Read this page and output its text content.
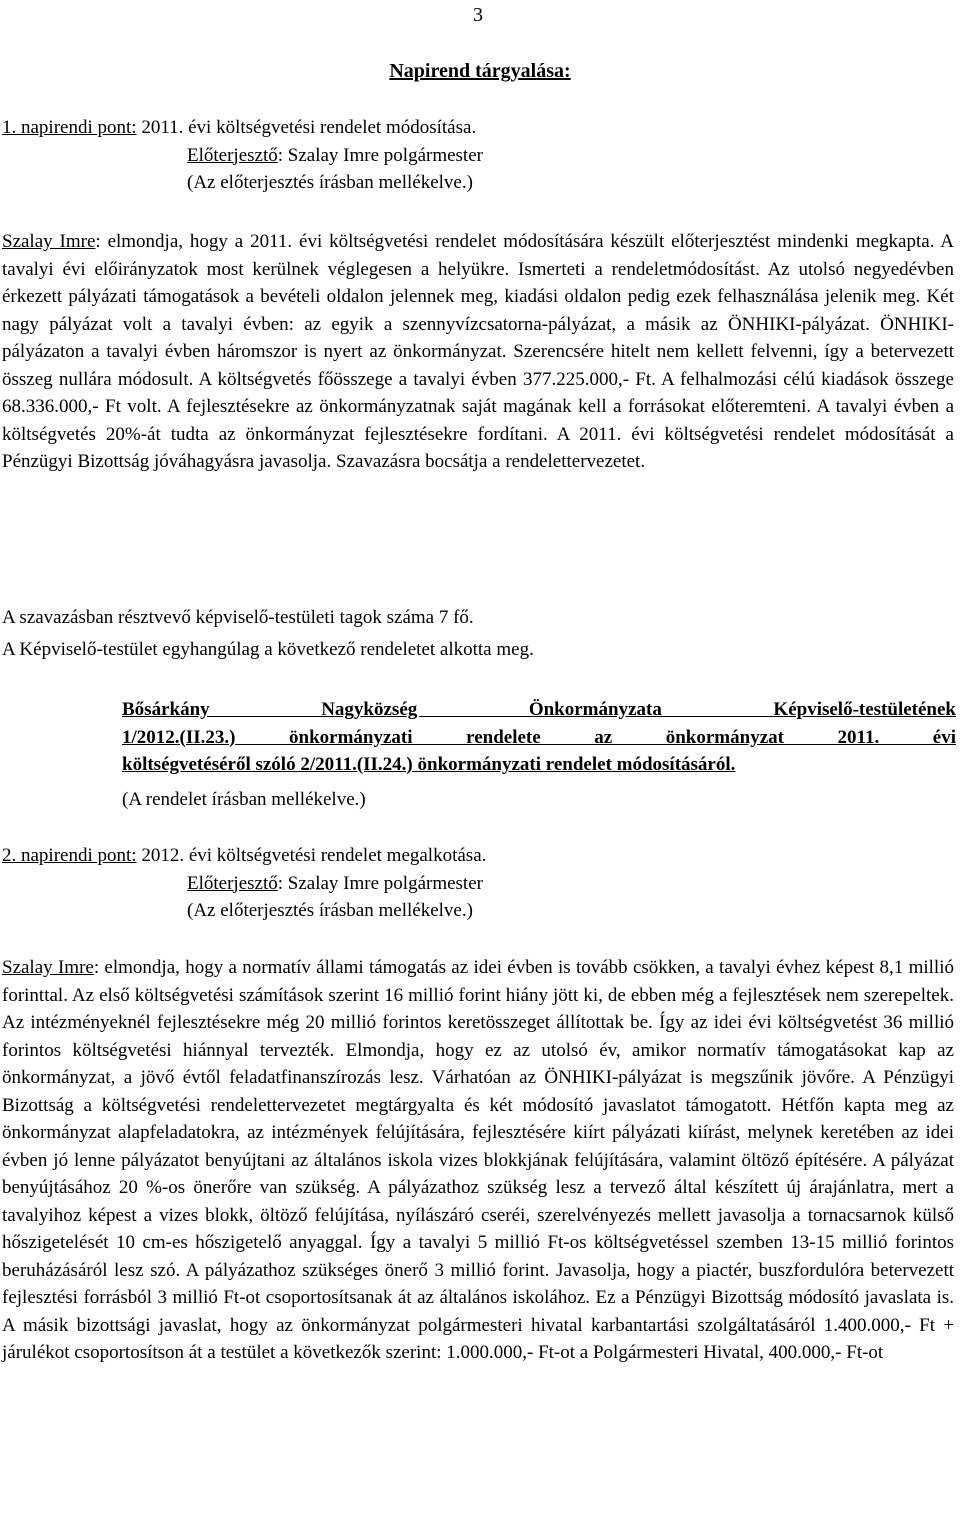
3
Napirend tárgyalása:
1. napirendi pont: 2011. évi költségvetési rendelet módosítása.
Előterjesztő: Szalay Imre polgármester
(Az előterjesztés írásban mellékelve.)
Szalay Imre: elmondja, hogy a 2011. évi költségvetési rendelet módosítására készült előterjesztést mindenki megkapta. A tavalyi évi előirányzatok most kerülnek véglegesen a helyükre. Ismerteti a rendeletmódosítást. Az utolsó negyedévben érkezett pályázati támogatások a bevételi oldalon jelennek meg, kiadási oldalon pedig ezek felhasználása jelenik meg. Két nagy pályázat volt a tavalyi évben: az egyik a szennyvízcsatorna-pályázat, a másik az ÖNHIKI-pályázat. ÖNHIKI-pályázaton a tavalyi évben háromszor is nyert az önkormányzat. Szerencsére hitelt nem kellett felvenni, így a betervezett összeg nullára módosult. A költségvetés főösszege a tavalyi évben 377.225.000,- Ft. A felhalmozási célú kiadások összege 68.336.000,- Ft volt. A fejlesztésekre az önkormányzatnak saját magának kell a forrásokat előteremteni. A tavalyi évben a költségvetés 20%-át tudta az önkormányzat fejlesztésekre fordítani. A 2011. évi költségvetési rendelet módosítását a Pénzügyi Bizottság jóváhagyásra javasolja. Szavazásra bocsátja a rendelettervezetet.
A szavazásban résztvevő képviselő-testületi tagok száma 7 fő.
A Képviselő-testület egyhangúlag a következő rendeletet alkotta meg.
Bősárkány Nagyközség Önkormányzata Képviselő-testületének
1/2012.(II.23.) önkormányzati rendelete az önkormányzat 2011. évi
költségvetéséről szóló 2/2011.(II.24.) önkormányzati rendelet módosításáról.
(A rendelet írásban mellékelve.)
2. napirendi pont: 2012. évi költségvetési rendelet megalkotása.
Előterjesztő: Szalay Imre polgármester
(Az előterjesztés írásban mellékelve.)
Szalay Imre: elmondja, hogy a normatív állami támogatás az idei évben is tovább csökken, a tavalyi évhez képest 8,1 millió forinttal. Az első költségvetési számítások szerint 16 millió forint hiány jött ki, de ebben még a fejlesztések nem szerepeltek. Az intézményeknél fejlesztésekre még 20 millió forintos keretösszeget állítottak be. Így az idei évi költségvetést 36 millió forintos költségvetési hiánnyal tervezték. Elmondja, hogy ez az utolsó év, amikor normatív támogatásokat kap az önkormányzat, a jövő évtől feladatfinanszírozás lesz. Várhatóan az ÖNHIKI-pályázat is megszűnik jövőre. A Pénzügyi Bizottság a költségvetési rendelettervezetet megtárgyalta és két módosító javaslatot támogatott. Hétfőn kapta meg az önkormányzat alapfeladatokra, az intézmények felújítására, fejlesztésére kiírt pályázati kiírást, melynek keretében az idei évben jó lenne pályázatot benyújtani az általános iskola vizes blokkjának felújítására, valamint öltöző építésére. A pályázat benyújtásához 20 %-os önerőre van szükség. A pályázathoz szükség lesz a tervező által készített új árajánlatra, mert a tavalyihoz képest a vizes blokk, öltöző felújítása, nyílászáró cseréi, szerelvényezés mellett javasolja a tornacsarnok külső hőszigetelését 10 cm-es hőszigetelő anyaggal. Így a tavalyi 5 millió Ft-os költségvetéssel szemben 13-15 millió forintos beruházásáról lesz szó. A pályázathoz szükséges önerő 3 millió forint. Javasolja, hogy a piactér, buszfordulóra betervezett fejlesztési forrásból 3 millió Ft-ot csoportosítsanak át az általános iskolához. Ez a Pénzügyi Bizottság módosító javaslata is. A másik bizottsági javaslat, hogy az önkormányzat polgármesteri hivatal karbantartási szolgáltatásáról 1.400.000,- Ft + járulékot csoportosítson át a testület a következők szerint: 1.000.000,- Ft-ot a Polgármesteri Hivatal, 400.000,- Ft-ot
